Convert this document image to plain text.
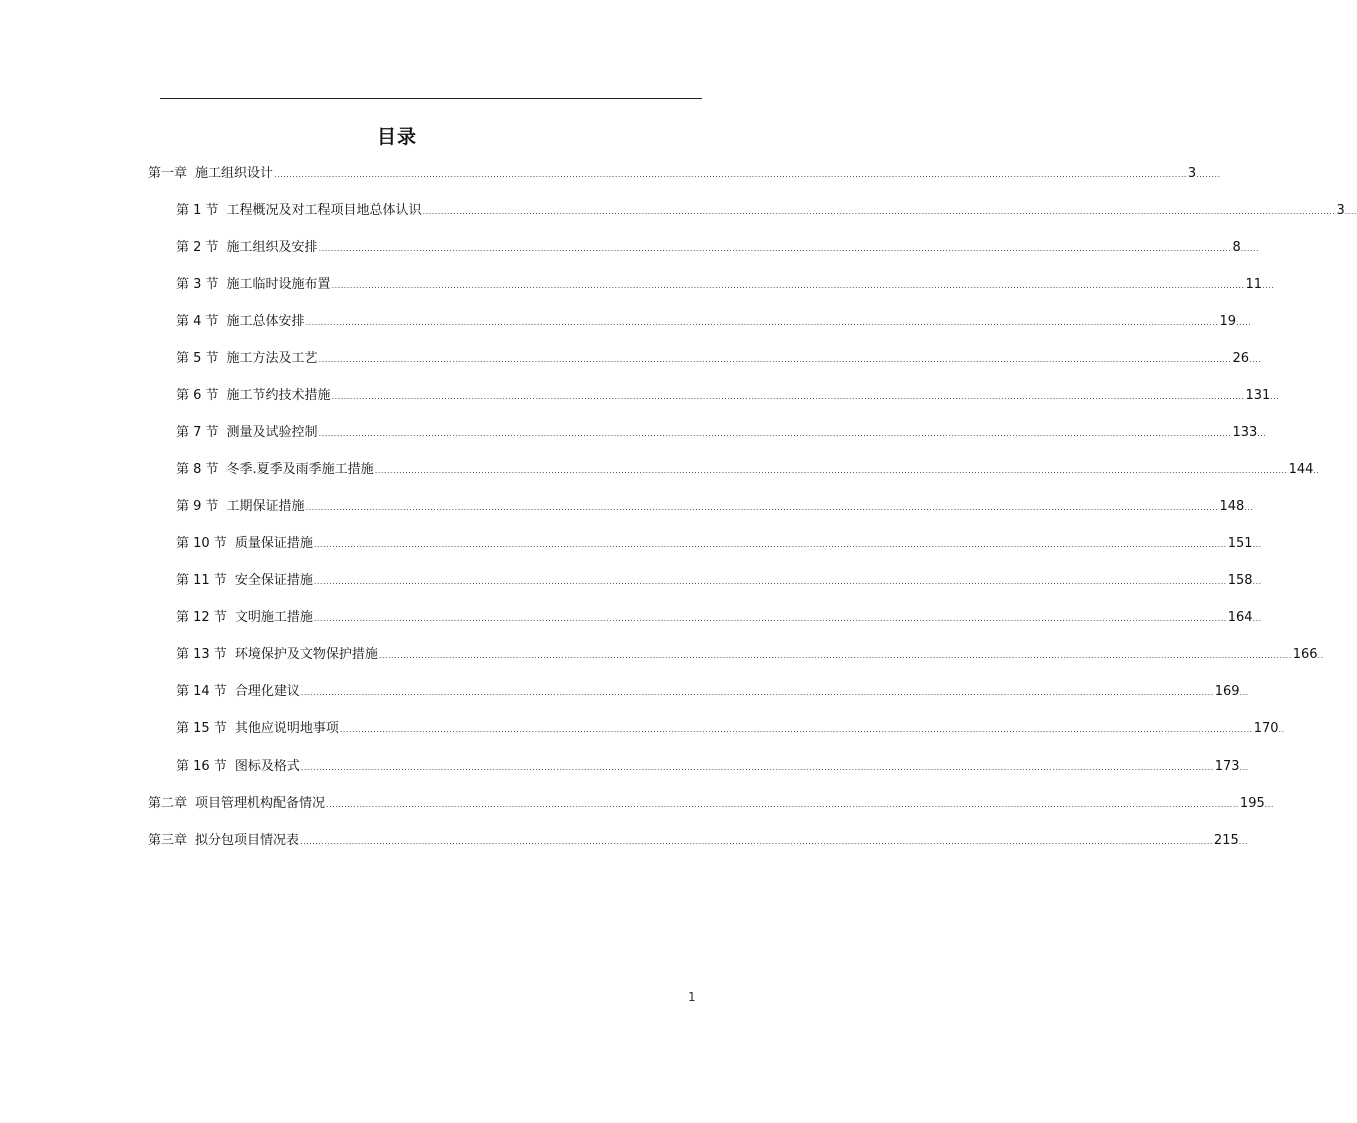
目录
第一章 施工组织设计 ............................................................................................................................................................................................................................................................................................................ 3 ........
第 1 节 工程概况及对工程项目地总体认识 ............................................................................................................................................................................................................................................................................................................ 3 ....
第 2 节 施工组织及安排 ............................................................................................................................................................................................................................................................................................................ 8 ......
第 3 节 施工临时设施布置 ............................................................................................................................................................................................................................................................................................................ 11 ....
第 4 节 施工总体安排 ............................................................................................................................................................................................................................................................................................................ 19 .....
第 5 节 施工方法及工艺 ............................................................................................................................................................................................................................................................................................................ 26 ....
第 6 节 施工节约技术措施 ............................................................................................................................................................................................................................................................................................................ 131 ...
第 7 节 测量及试验控制 ............................................................................................................................................................................................................................................................................................................ 133 ...
第 8 节 冬季.夏季及雨季施工措施 ............................................................................................................................................................................................................................................................................................................ 144 ..
第 9 节 工期保证措施 ............................................................................................................................................................................................................................................................................................................ 148 ...
第 10 节 质量保证措施 ............................................................................................................................................................................................................................................................................................................ 151 ...
第 11 节 安全保证措施 ............................................................................................................................................................................................................................................................................................................ 158 ...
第 12 节 文明施工措施 ............................................................................................................................................................................................................................................................................................................ 164 ...
第 13 节 环境保护及文物保护措施 ............................................................................................................................................................................................................................................................................................................ 166 ..
第 14 节 合理化建议 ............................................................................................................................................................................................................................................................................................................ 169 ...
第 15 节 其他应说明地事项 ............................................................................................................................................................................................................................................................................................................ 170 ..
第 16 节 图标及格式 ............................................................................................................................................................................................................................................................................................................ 173 ...
第二章 项目管理机构配备情况 ............................................................................................................................................................................................................................................................................................................ 195 ...
第三章 拟分包项目情况表 ............................................................................................................................................................................................................................................................................................................ 215 ...
1
